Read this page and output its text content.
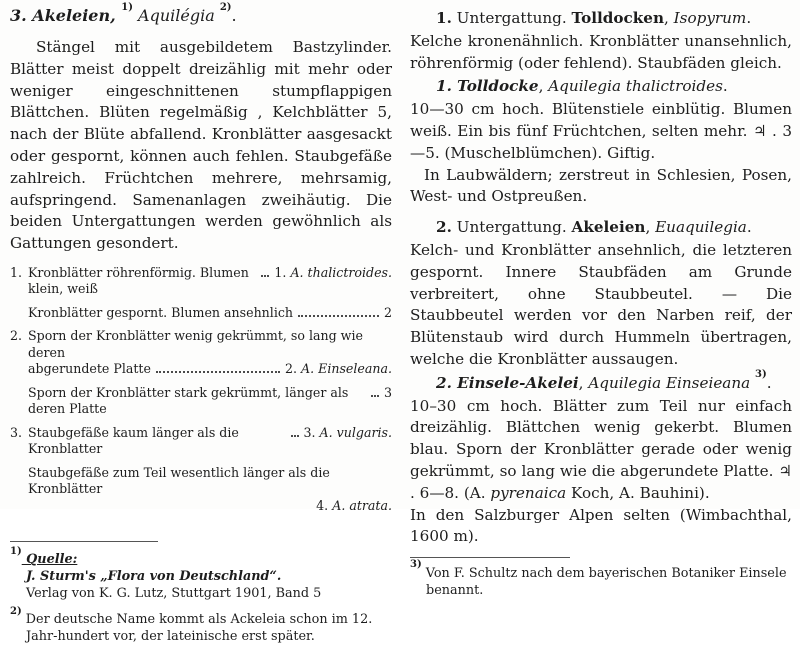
3. Akeleien, $^{1)}$ Aquilégia $^{2)}$.

Stängel mit ausgebildetem Bastzylinder. Blätter meist doppelt dreizählig mit mehr oder weniger eingeschnittenen stumpflappigen Blättchen. Blüten regelmäßig , Kelchblätter 5, nach der Blüte abfallend. Kronblätter aasgesackt oder gespornt, können auch fehlen. Staubgefäße zahlreich. Früchtchen mehrere, mehrsamig, aufspringend. Samenanlagen zweihäutig. Die beiden Untergattungen werden gewöhnlich als Gattungen gesondert.

1. Kronblätter röhrenförmig. Blumen klein, weiß
1. A. thalictroides.
Kronblätter gespornt. Blumen ansehnlich	2
2. Sporn der Kronblätter wenig gekrümmt, so lang wie deren
abgerundete Platte	2. A. Einseleana.
Sporn der Kronblätter stark gekrümmt, länger als deren Platte
3
3. Staubgefäße kaum länger als die Kronblatter
3. A. vulgaris.
Staubgefäße zum Teil wesentlich länger als die Kronblätter
4. A. atrata.
$^{1)}$ Quelle:
J. Sturm's „Flora von Deutschland“.
Verlag von K. G. Lutz, Stuttgart 1901, Band 5
$^{2)}$ Der deutsche Name kommt als Ackeleia schon im 12. Jahr-hundert vor, der lateinische erst später.

1. Untergattung. Tolldocken, Isopyrum.

Kelche kronenähnlich. Kronblätter unansehnlich, röhrenförmig (oder fehlend). Staubfäden gleich.

1. Tolldocke, Aquilegia thalictroides.

10—30 cm hoch. Blütenstiele einblütig. Blumen weiß. Ein bis fünf Früchtchen, selten mehr. ♃ . 3—5. (Muschelblümchen). Giftig.

In Laubwäldern; zerstreut in Schlesien, Posen, West- und Ostpreußen.

2. Untergattung. Akeleien, Euaquilegia.

Kelch- und Kronblätter ansehnlich, die letzteren gespornt. Innere Staubfäden am Grunde verbreitert, ohne Staubbeutel. — Die Staubbeutel werden vor den Narben reif, der Blütenstaub wird durch Hummeln übertragen, welche die Kronblätter aussaugen.

2. Einsele-Akelei, Aquilegia Einseieana $^{3)}$.

10–30 cm hoch. Blätter zum Teil nur einfach dreizählig. Blättchen wenig gekerbt. Blumen blau. Sporn der Kronblätter gerade oder wenig gekrümmt, so lang wie die abgerundete Platte. ♃ . 6—8. (A. pyrenaica Koch, A. Bauhini).

In den Salzburger Alpen selten (Wimbachthal, 1600 m).

$^{3)}$ Von F. Schultz nach dem bayerischen Botaniker Einsele benannt.
